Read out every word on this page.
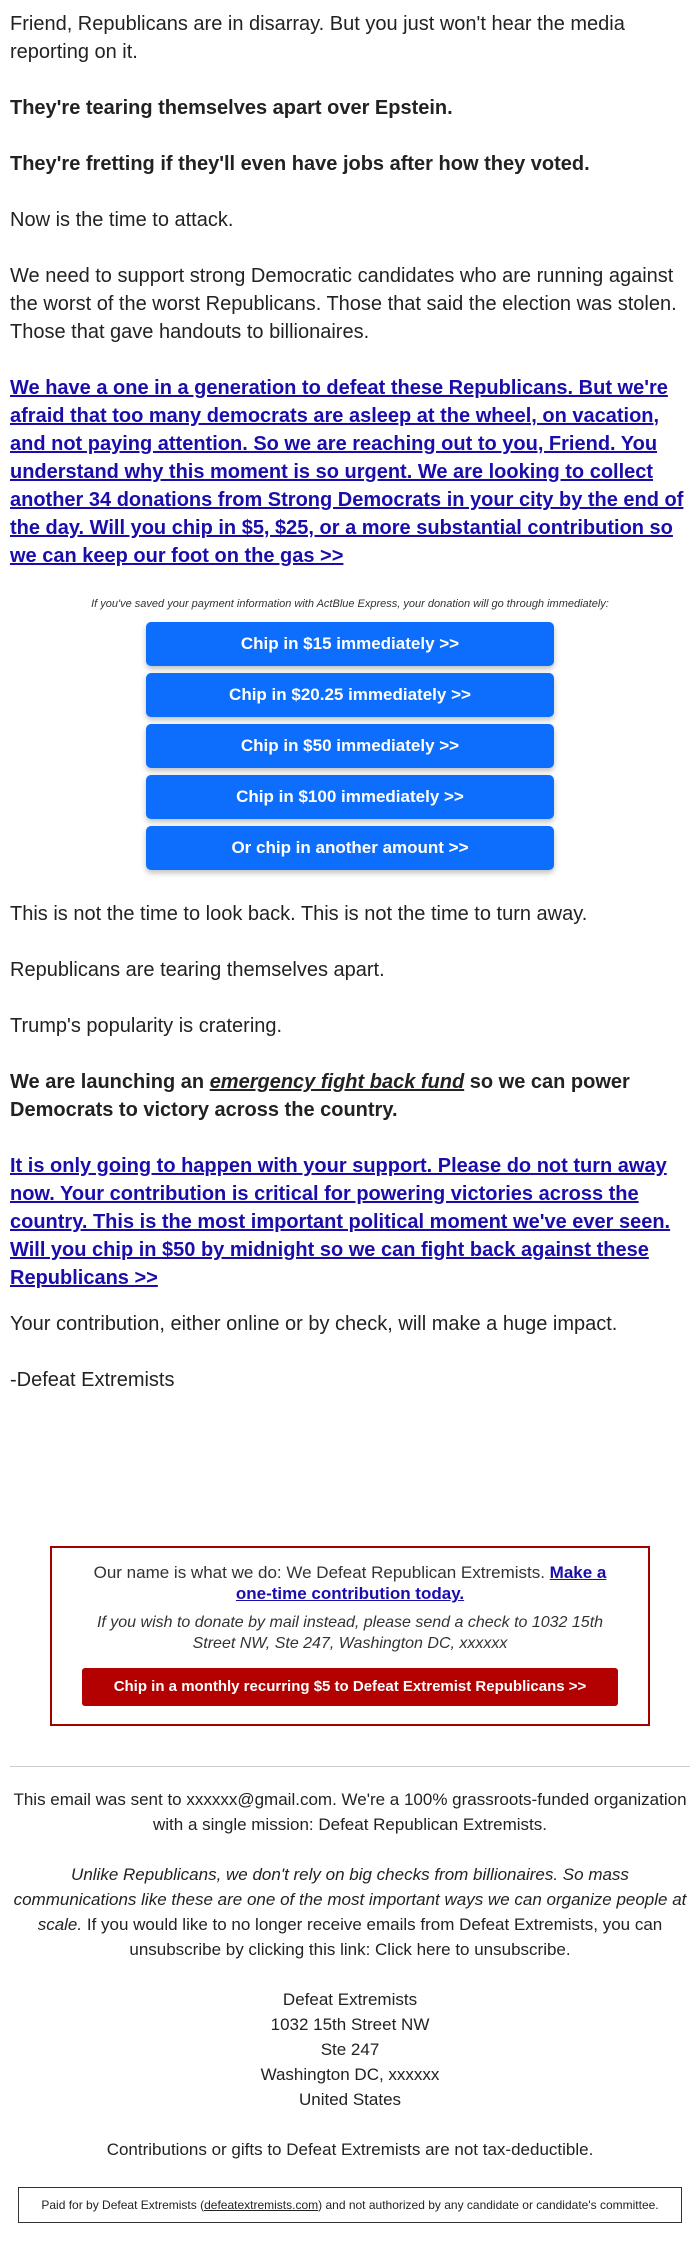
Friend, Republicans are in disarray. But you just won't hear the media reporting on it.

They're tearing themselves apart over Epstein.

They're fretting if they'll even have jobs after how they voted.

Now is the time to attack.

We need to support strong Democratic candidates who are running against the worst of the worst Republicans. Those that said the election was stolen. Those that gave handouts to billionaires.

We have a one in a generation to defeat these Republicans. But we're afraid that too many democrats are asleep at the wheel, on vacation, and not paying attention. So we are reaching out to you, Friend. You understand why this moment is so urgent. We are looking to collect another 34 donations from Strong Democrats in your city by the end of the day. Will you chip in $5, $25, or a more substantial contribution so we can keep our foot on the gas >>

If you've saved your payment information with ActBlue Express, your donation will go through immediately:

Chip in $15 immediately >>
Chip in $20.25 immediately >>
Chip in $50 immediately >>
Chip in $100 immediately >>
Or chip in another amount >>

This is not the time to look back. This is not the time to turn away.

Republicans are tearing themselves apart.

Trump's popularity is cratering.

We are launching an emergency fight back fund so we can power Democrats to victory across the country.

It is only going to happen with your support. Please do not turn away now. Your contribution is critical for powering victories across the country. This is the most important political moment we've ever seen. Will you chip in $50 by midnight so we can fight back against these Republicans >>

Your contribution, either online or by check, will make a huge impact.

-Defeat Extremists

Our name is what we do: We Defeat Republican Extremists. Make a one-time contribution today.

If you wish to donate by mail instead, please send a check to 1032 15th Street NW, Ste 247, Washington DC, xxxxxx

Chip in a monthly recurring $5 to Defeat Extremist Republicans >>

This email was sent to xxxxxx@gmail.com. We're a 100% grassroots-funded organization with a single mission: Defeat Republican Extremists.

Unlike Republicans, we don't rely on big checks from billionaires. So mass communications like these are one of the most important ways we can organize people at scale. If you would like to no longer receive emails from Defeat Extremists, you can unsubscribe by clicking this link: Click here to unsubscribe.

Defeat Extremists
1032 15th Street NW
Ste 247
Washington DC, xxxxxx
United States

Contributions or gifts to Defeat Extremists are not tax-deductible.

Paid for by Defeat Extremists (defeatextremists.com) and not authorized by any candidate or candidate's committee.
